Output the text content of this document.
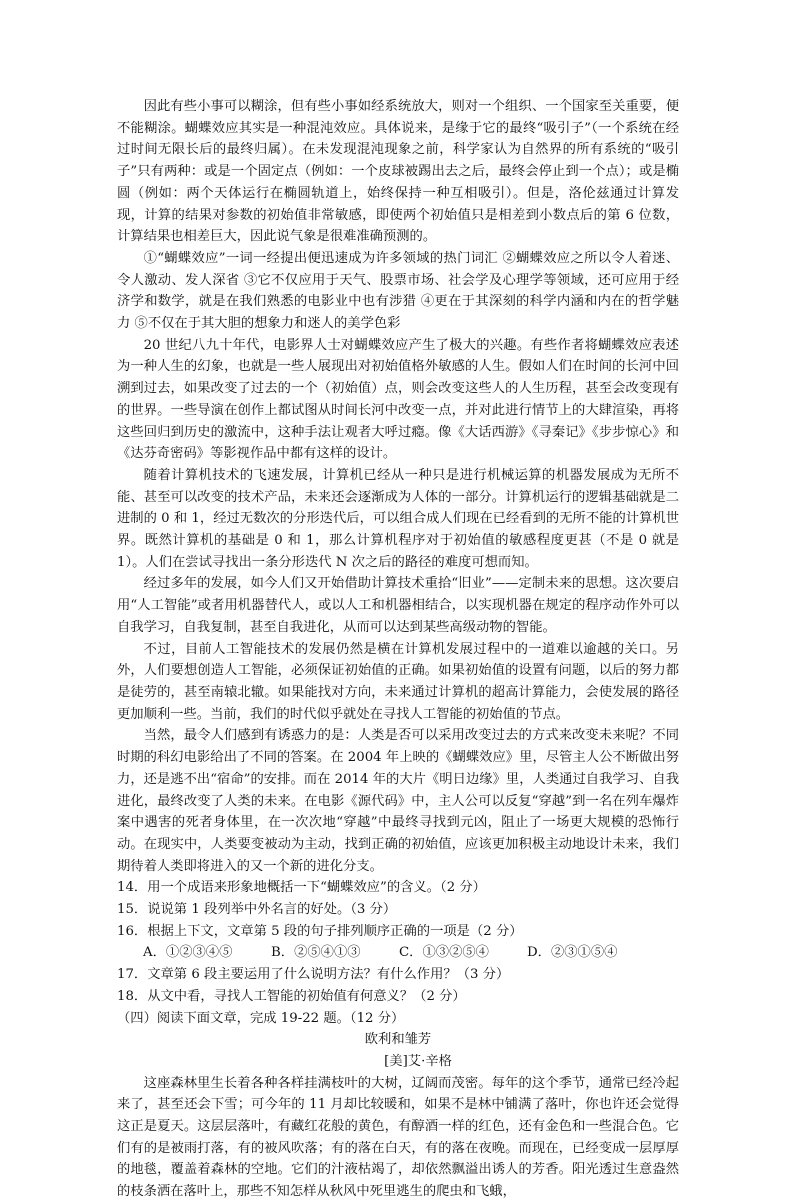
因此有些小事可以糊涂，但有些小事如经系统放大，则对一个组织、一个国家至关重要，便不能糊涂。蝴蝶效应其实是一种混沌效应。具体说来，是缘于它的最终“吸引子”（一个系统在经过时间无限长后的最终归属）。在未发现混沌现象之前，科学家认为自然界的所有系统的“吸引子”只有两种：或是一个固定点（例如：一个皮球被踢出去之后，最终会停止到一个点）；或是椭圆（例如：两个天体运行在椭圆轨道上，始终保持一种互相吸引）。但是，洛伦兹通过计算发现，计算的结果对参数的初始值非常敏感，即使两个初始值只是相差到小数点后的第 6 位数，计算结果也相差巨大，因此说气象是很难准确预测的。

①“蝴蝶效应”一词一经提出便迅速成为许多领域的热门词汇 ②蝴蝶效应之所以令人着迷、令人激动、发人深省 ③它不仅应用于天气、股票市场、社会学及心理学等领域，还可应用于经济学和数学，就是在我们熟悉的电影业中也有涉猎 ④更在于其深刻的科学内涵和内在的哲学魅力 ⑤不仅在于其大胆的想象力和迷人的美学色彩

20 世纪八九十年代，电影界人士对蝴蝶效应产生了极大的兴趣。有些作者将蝴蝶效应表述为一种人生的幻象，也就是一些人展现出对初始值格外敏感的人生。假如人们在时间的长河中回溯到过去，如果改变了过去的一个（初始值）点，则会改变这些人的人生历程，甚至会改变现有的世界。一些导演在创作上都试图从时间长河中改变一点，并对此进行情节上的大肆渲染，再将这些回归到历史的激流中，这种手法让观者大呼过瘾。像《大话西游》《寻秦记》《步步惊心》和《达芬奇密码》等影视作品中都有这样的设计。

随着计算机技术的飞速发展，计算机已经从一种只是进行机械运算的机器发展成为无所不能、甚至可以改变的技术产品，未来还会逐渐成为人体的一部分。计算机运行的逻辑基础就是二进制的 0 和 1，经过无数次的分形迭代后，可以组合成人们现在已经看到的无所不能的计算机世界。既然计算机的基础是 0 和 1，那么计算机程序对于初始值的敏感程度更甚（不是 0 就是 1）。人们在尝试寻找出一条分形迭代 N 次之后的路径的难度可想而知。

经过多年的发展，如今人们又开始借助计算技术重拾“旧业”——定制未来的思想。这次要启用“人工智能”或者用机器替代人，或以人工和机器相结合，以实现机器在规定的程序动作外可以自我学习，自我复制，甚至自我进化，从而可以达到某些高级动物的智能。

不过，目前人工智能技术的发展仍然是横在计算机发展过程中的一道难以逾越的关口。另外，人们要想创造人工智能，必须保证初始值的正确。如果初始值的设置有问题，以后的努力都是徒劳的，甚至南辕北辙。如果能找对方向，未来通过计算机的超高计算能力，会使发展的路径更加顺利一些。当前，我们的时代似乎就处在寻找人工智能的初始值的节点。

当然，最令人们感到有诱惑力的是：人类是否可以采用改变过去的方式来改变未来呢？不同时期的科幻电影给出了不同的答案。在 2004 年上映的《蝴蝶效应》里，尽管主人公不断做出努力，还是逃不出“宿命”的安排。而在 2014 年的大片《明日边缘》里，人类通过自我学习、自我进化，最终改变了人类的未来。在电影《源代码》中，主人公可以反复“穿越”到一名在列车爆炸案中遇害的死者身体里，在一次次地“穿越”中最终寻找到元凶，阻止了一场更大规模的恐怖行动。在现实中，人类要变被动为主动，找到正确的初始值，应该更加积极主动地设计未来，我们期待着人类即将进入的又一个新的进化分支。

14．用一个成语来形象地概括一下“蝴蝶效应”的含义。（2 分）

15．说说第 1 段列举中外名言的好处。（3 分）

16．根据上下文，文章第 5 段的句子排列顺序正确的一项是（2 分）

A．①②③④⑤	B．②⑤④①③	C．①③②⑤④	D．②③①⑤④

17．文章第 6 段主要运用了什么说明方法？有什么作用？（3 分）

18．从文中看，寻找人工智能的初始值有何意义？（2 分）

（四）阅读下面文章，完成 19-22 题。（12 分）

欧利和雏芳

[美]艾·辛格

这座森林里生长着各种各样挂满枝叶的大树，辽阔而茂密。每年的这个季节，通常已经冷起来了，甚至还会下雪；可今年的 11 月却比较暖和，如果不是林中铺满了落叶，你也许还会觉得这正是夏天。这层层落叶，有藏红花般的黄色，有醇酒一样的红色，还有金色和一些混合色。它们有的是被雨打落，有的被风吹落；有的落在白天，有的落在夜晚。而现在，已经变成一层厚厚的地毯，覆盖着森林的空地。它们的汁液枯竭了，却依然飘溢出诱人的芳香。阳光透过生意盎然的枝条洒在落叶上，那些不知怎样从秋风中死里逃生的爬虫和飞蛾，
